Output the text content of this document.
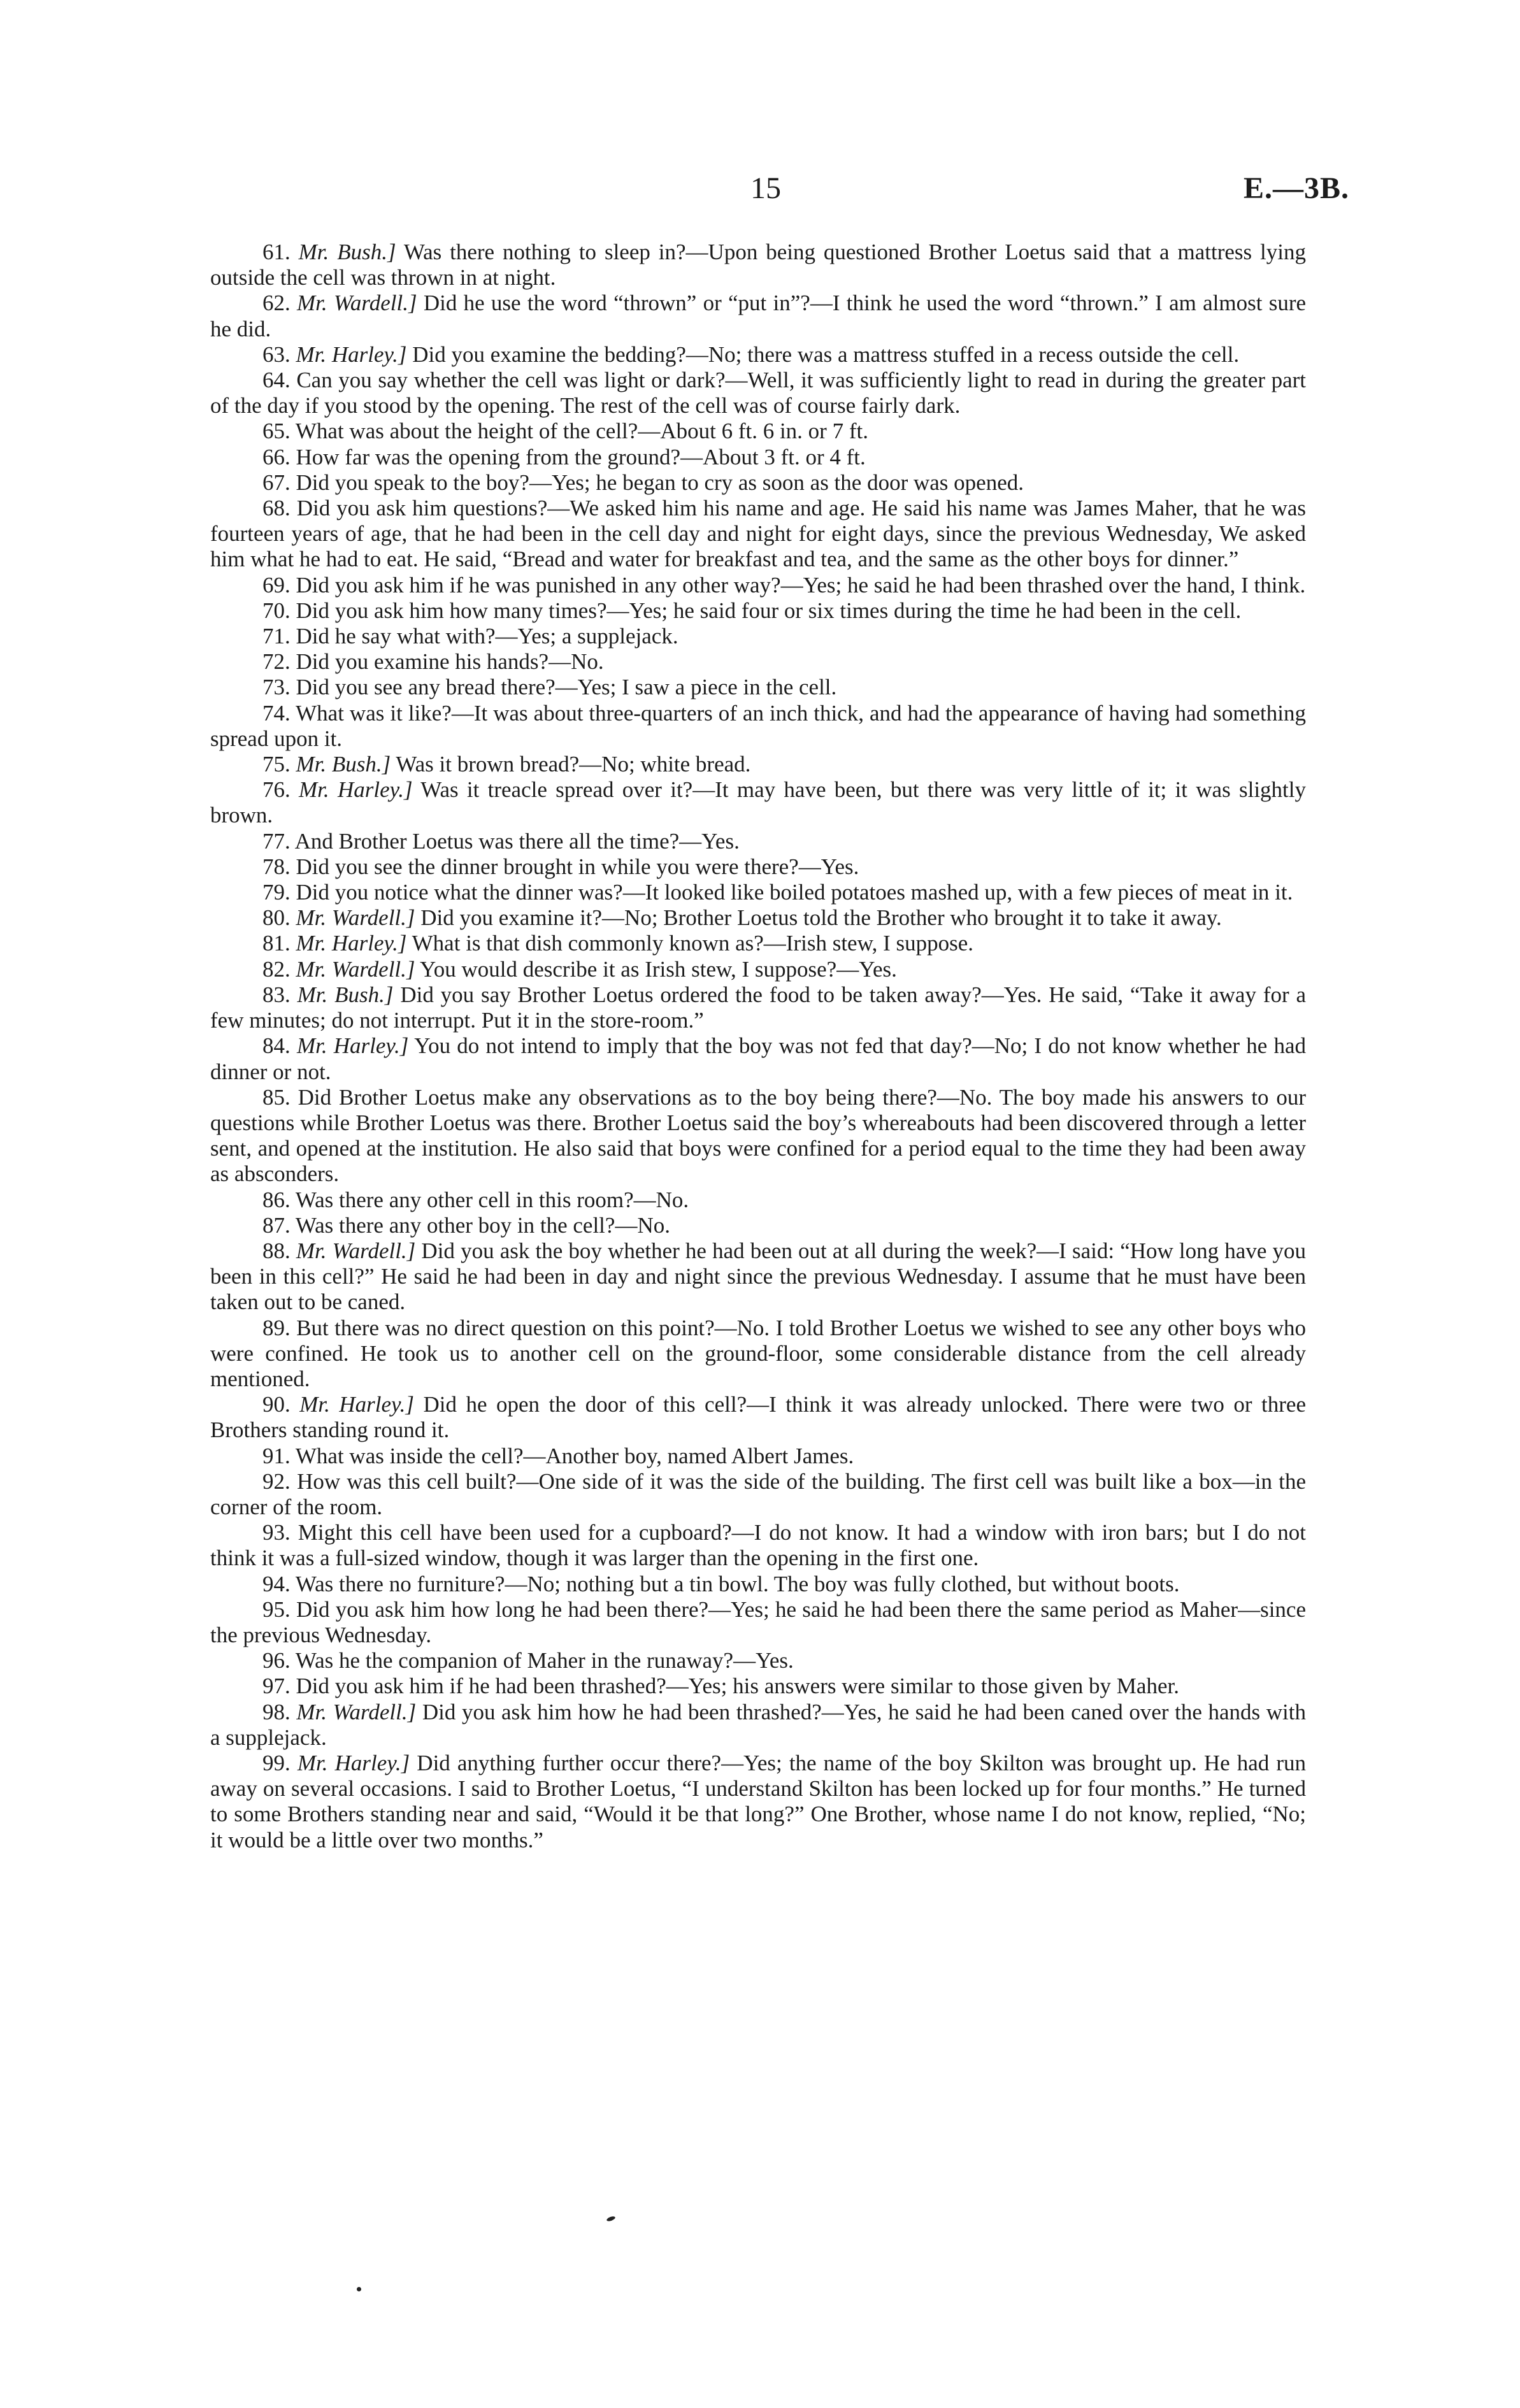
15	E.—3B.

61. Mr. Bush.] Was there nothing to sleep in?—Upon being questioned Brother Loetus said that a mattress lying outside the cell was thrown in at night.

62. Mr. Wardell.] Did he use the word “thrown” or “put in”?—I think he used the word “thrown.” I am almost sure he did.

63. Mr. Harley.] Did you examine the bedding?—No; there was a mattress stuffed in a recess outside the cell.

64. Can you say whether the cell was light or dark?—Well, it was sufficiently light to read in during the greater part of the day if you stood by the opening. The rest of the cell was of course fairly dark.

65. What was about the height of the cell?—About 6 ft. 6 in. or 7 ft.

66. How far was the opening from the ground?—About 3 ft. or 4 ft.

67. Did you speak to the boy?—Yes; he began to cry as soon as the door was opened.

68. Did you ask him questions?—We asked him his name and age. He said his name was James Maher, that he was fourteen years of age, that he had been in the cell day and night for eight days, since the previous Wednesday, We asked him what he had to eat. He said, “Bread and water for breakfast and tea, and the same as the other boys for dinner.”

69. Did you ask him if he was punished in any other way?—Yes; he said he had been thrashed over the hand, I think.

70. Did you ask him how many times?—Yes; he said four or six times during the time he had been in the cell.

71. Did he say what with?—Yes; a supplejack.

72. Did you examine his hands?—No.

73. Did you see any bread there?—Yes; I saw a piece in the cell.

74. What was it like?—It was about three-quarters of an inch thick, and had the appearance of having had something spread upon it.

75. Mr. Bush.] Was it brown bread?—No; white bread.

76. Mr. Harley.] Was it treacle spread over it?—It may have been, but there was very little of it; it was slightly brown.

77. And Brother Loetus was there all the time?—Yes.

78. Did you see the dinner brought in while you were there?—Yes.

79. Did you notice what the dinner was?—It looked like boiled potatoes mashed up, with a few pieces of meat in it.

80. Mr. Wardell.] Did you examine it?—No; Brother Loetus told the Brother who brought it to take it away.

81. Mr. Harley.] What is that dish commonly known as?—Irish stew, I suppose.

82. Mr. Wardell.] You would describe it as Irish stew, I suppose?—Yes.

83. Mr. Bush.] Did you say Brother Loetus ordered the food to be taken away?—Yes. He said, “Take it away for a few minutes; do not interrupt. Put it in the store-room.”

84. Mr. Harley.] You do not intend to imply that the boy was not fed that day?—No; I do not know whether he had dinner or not.

85. Did Brother Loetus make any observations as to the boy being there?—No. The boy made his answers to our questions while Brother Loetus was there. Brother Loetus said the boy’s whereabouts had been discovered through a letter sent, and opened at the institution. He also said that boys were confined for a period equal to the time they had been away as absconders.

86. Was there any other cell in this room?—No.

87. Was there any other boy in the cell?—No.

88. Mr. Wardell.] Did you ask the boy whether he had been out at all during the week?—I said: “How long have you been in this cell?” He said he had been in day and night since the previous Wednesday. I assume that he must have been taken out to be caned.

89. But there was no direct question on this point?—No. I told Brother Loetus we wished to see any other boys who were confined. He took us to another cell on the ground-floor, some considerable distance from the cell already mentioned.

90. Mr. Harley.] Did he open the door of this cell?—I think it was already unlocked. There were two or three Brothers standing round it.

91. What was inside the cell?—Another boy, named Albert James.

92. How was this cell built?—One side of it was the side of the building. The first cell was built like a box—in the corner of the room.

93. Might this cell have been used for a cupboard?—I do not know. It had a window with iron bars; but I do not think it was a full-sized window, though it was larger than the opening in the first one.

94. Was there no furniture?—No; nothing but a tin bowl. The boy was fully clothed, but without boots.

95. Did you ask him how long he had been there?—Yes; he said he had been there the same period as Maher—since the previous Wednesday.

96. Was he the companion of Maher in the runaway?—Yes.

97. Did you ask him if he had been thrashed?—Yes; his answers were similar to those given by Maher.

98. Mr. Wardell.] Did you ask him how he had been thrashed?—Yes, he said he had been caned over the hands with a supplejack.

99. Mr. Harley.] Did anything further occur there?—Yes; the name of the boy Skilton was brought up. He had run away on several occasions. I said to Brother Loetus, “I understand Skilton has been locked up for four months.” He turned to some Brothers standing near and said, “Would it be that long?” One Brother, whose name I do not know, replied, “No; it would be a little over two months.”
